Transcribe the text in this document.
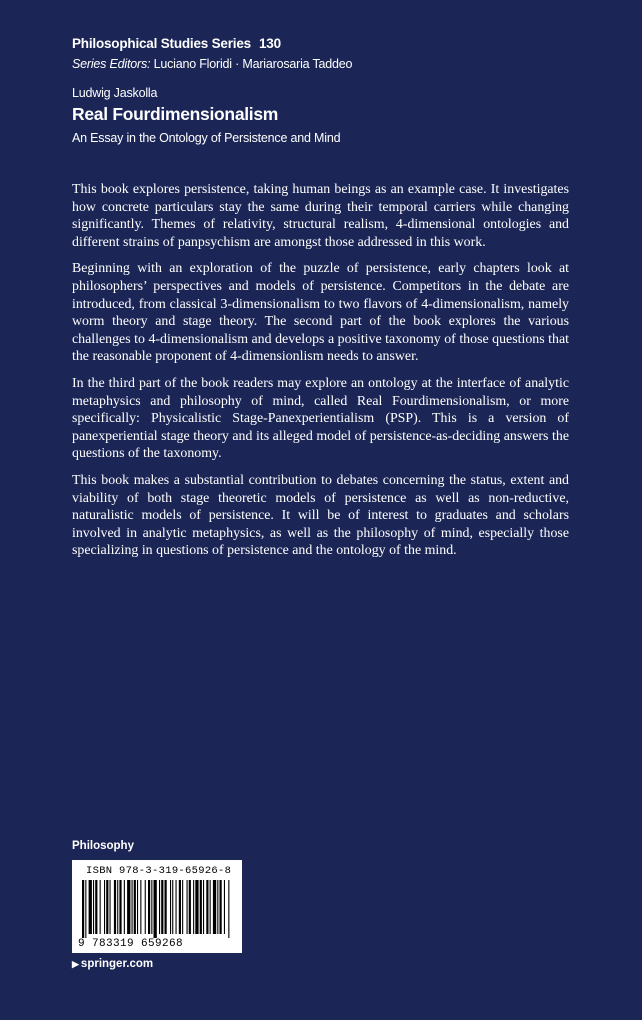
Philosophical Studies Series 130
Series Editors: Luciano Floridi · Mariarosaria Taddeo
Ludwig Jaskolla
Real Fourdimensionalism
An Essay in the Ontology of Persistence and Mind

This book explores persistence, taking human beings as an example case. It investigates how concrete particulars stay the same during their temporal carriers while changing significantly. Themes of relativity, structural realism, 4-dimensional ontologies and different strains of panpsychism are amongst those addressed in this work.

Beginning with an exploration of the puzzle of persistence, early chapters look at philosophers’ perspectives and models of persistence. Competitors in the debate are introduced, from classical 3-dimensionalism to two flavors of 4-dimensionalism, namely worm theory and stage theory. The second part of the book explores the various challenges to 4-dimensionalism and develops a positive taxonomy of those questions that the reasonable proponent of 4-dimensionlism needs to answer.

In the third part of the book readers may explore an ontology at the interface of analytic metaphysics and philosophy of mind, called Real Fourdimensionalism, or more specifically: Physicalistic Stage-Panexperientialism (PSP). This is a version of panexperiential stage theory and its alleged model of persistence-as-deciding answers the questions of the taxonomy.

This book makes a substantial contribution to debates concerning the status, extent and viability of both stage theoretic models of persistence as well as non-reductive, naturalistic models of persistence. It will be of interest to graduates and scholars involved in analytic metaphysics, as well as the philosophy of mind, especially those specializing in questions of persistence and the ontology of the mind.

Philosophy
ISBN 978-3-319-65926-8
9 783319 659268
▶ springer.com
